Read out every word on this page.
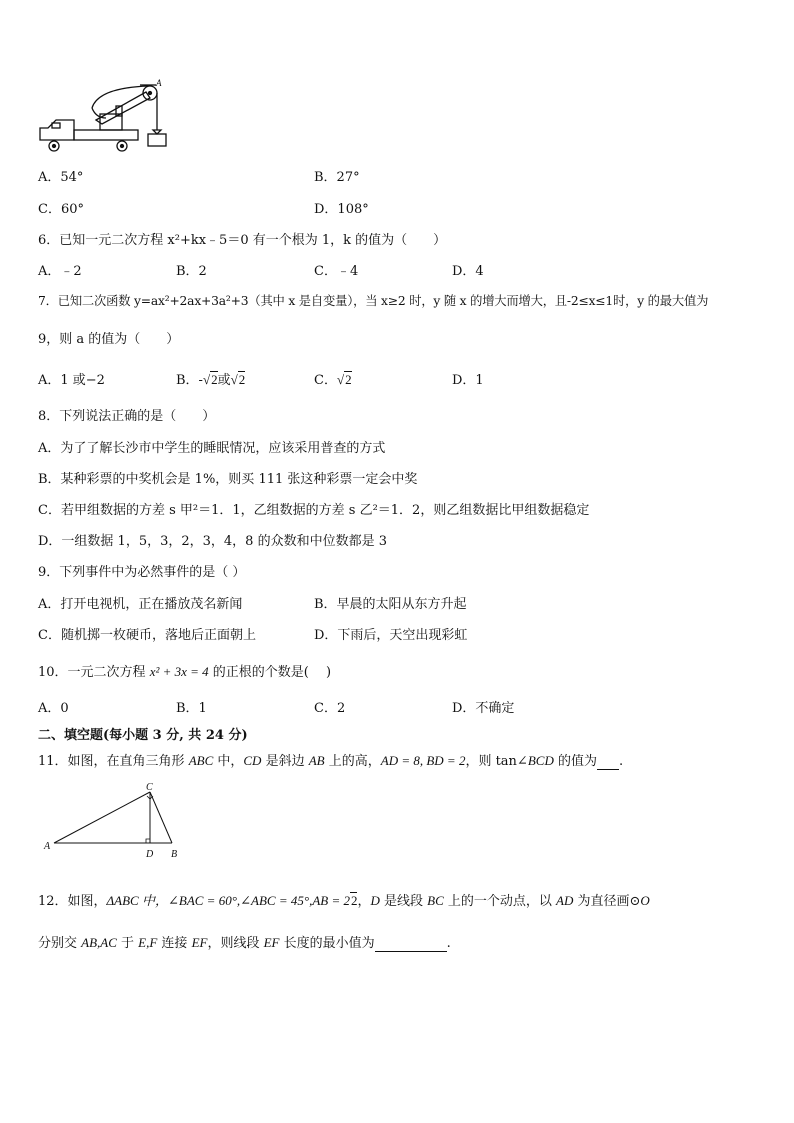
A
A．54°	B．27°
C．60°	D．108°
6．已知一元二次方程 x²+kx﹣5＝0 有一个根为 1，k 的值为（　　）
A．﹣2	B．2	C．﹣4	D．4
7．已知二次函数 y=ax²+2ax+3a²+3（其中 x 是自变量），当 x≥2 时，y 随 x 的增大而增大，且-2≤x≤1时，y 的最大值为
9，则 a 的值为（　　）
A．1 或−2	B．-√2或√2	C．√2	D．1
8．下列说法正确的是（　　）
A．为了了解长沙市中学生的睡眠情况，应该采用普查的方式
B．某种彩票的中奖机会是 1%，则买 111 张这种彩票一定会中奖
C．若甲组数据的方差 s 甲²＝1．1，乙组数据的方差 s 乙²＝1．2，则乙组数据比甲组数据稳定
D．一组数据 1，5，3，2，3，4，8 的众数和中位数都是 3
9．下列事件中为必然事件的是（ ）
A．打开电视机，正在播放茂名新闻	B．早晨的太阳从东方升起
C．随机掷一枚硬币，落地后正面朝上	D．下雨后，天空出现彩虹
10．一元二次方程 x² + 3x = 4 的正根的个数是(　 )
A．0	B．1	C．2	D．不确定
二、填空题(每小题 3 分, 共 24 分)
11．如图，在直角三角形 ABC 中，CD 是斜边 AB 上的高，AD = 8, BD = 2，则 tan∠BCD 的值为 .
A
D B
C
12．如图，ΔABC 中，∠BAC = 60°,∠ABC = 45°,AB = 22，D 是线段 BC 上的一个动点，以 AD 为直径画⊙O
分别交 AB,AC 于 E,F 连接 EF，则线段 EF 长度的最小值为	.
